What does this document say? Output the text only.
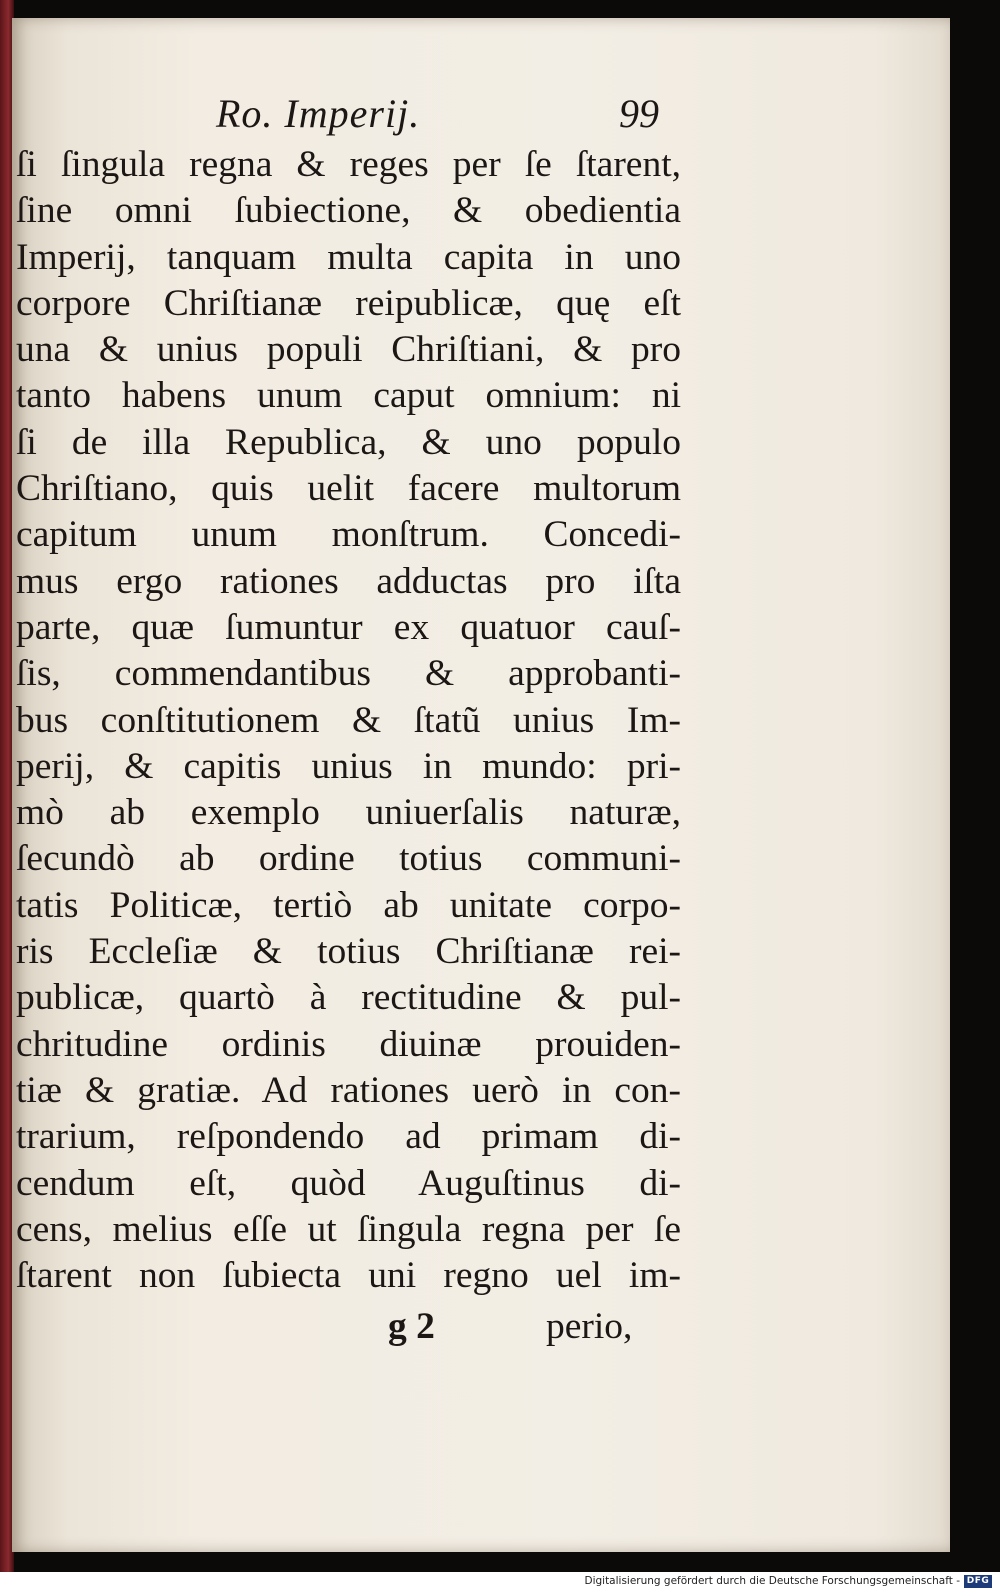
Ro. Imperij.	99
ſi ſingula regna & reges per ſe ſtarent,
ſine omni ſubiectione, & obedientia
Imperij, tanquam multa capita in uno
corpore Chriſtianæ reipublicæ, quę eſt
una & unius populi Chriſtiani, & pro
tanto habens unum caput omnium: ni
ſi de illa Republica, & uno populo
Chriſtiano, quis uelit facere multorum
capitum unum monſtrum. Concedi-
mus ergo rationes adductas pro iſta
parte, quæ ſumuntur ex quatuor cauſ-
ſis, commendantibus & approbanti-
bus conſtitutionem & ſtatũ unius Im-
perij, & capitis unius in mundo: pri-
mò ab exemplo uniuerſalis naturæ,
ſecundò ab ordine totius communi-
tatis Politicæ, tertiò ab unitate corpo-
ris Eccleſiæ & totius Chriſtianæ rei-
publicæ, quartò à rectitudine & pul-
chritudine ordinis diuinæ prouiden-
tiæ & gratiæ. Ad rationes uerò in con-
trarium, reſpondendo ad primam di-
cendum eſt, quòd Auguſtinus di-
cens, melius eſſe ut ſingula regna per ſe
ſtarent non ſubiecta uni regno uel im-
g 2	perio,
Digitalisierung gefördert durch die Deutsche Forschungsgemeinschaft - DFG
